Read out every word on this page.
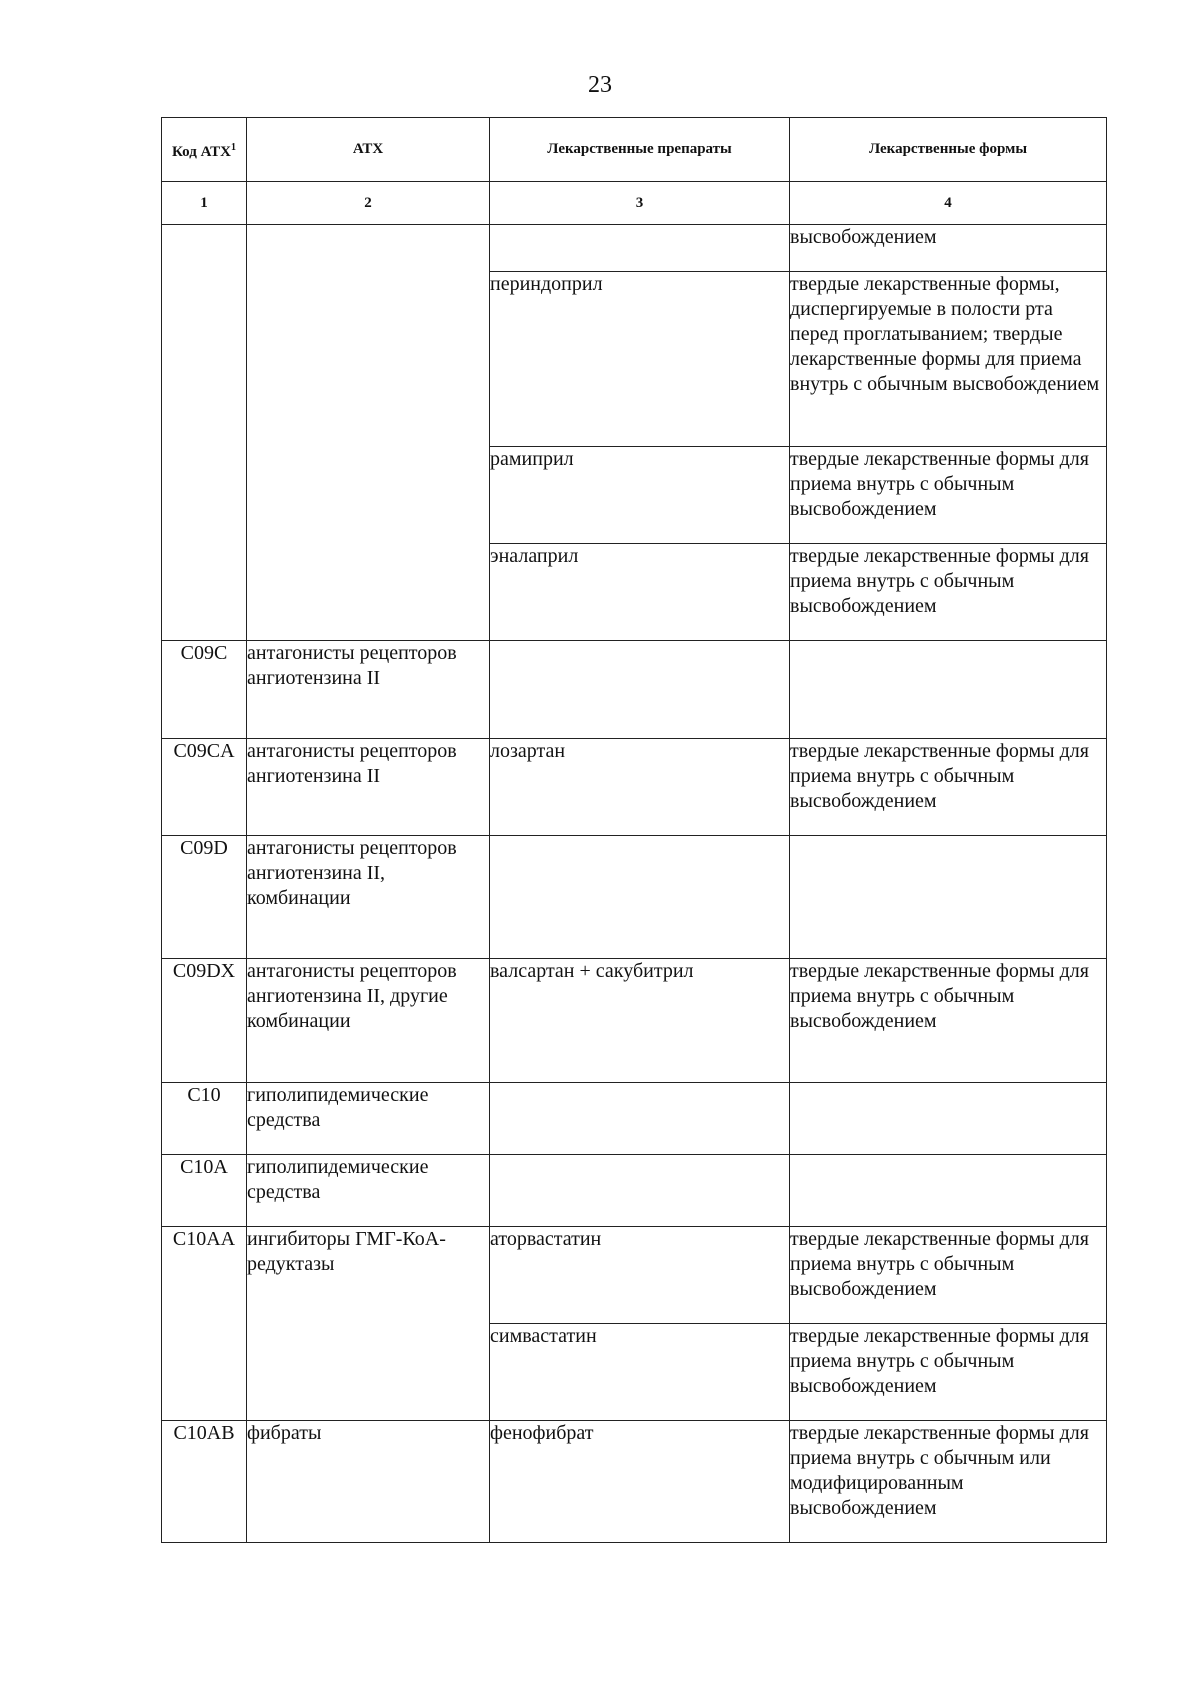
23
Код АТХ$^1$	АТХ	Лекарственные препараты	Лекарственные формы
1	2	3	4
			высвобождением
		периндоприл	твердые лекарственные формы, диспергируемые в полости рта перед проглатыванием; твердые лекарственные формы для приема внутрь с обычным высвобождением
		рамиприл	твердые лекарственные формы для приема внутрь с обычным высвобождением
		эналаприл	твердые лекарственные формы для приема внутрь с обычным высвобождением
C09C	антагонисты рецепторов ангиотензина II		
C09CA	антагонисты рецепторов ангиотензина II	лозартан	твердые лекарственные формы для приема внутрь с обычным высвобождением
C09D	антагонисты рецепторов ангиотензина II, комбинации		
C09DX	антагонисты рецепторов ангиотензина II, другие комбинации	валсартан + сакубитрил	твердые лекарственные формы для приема внутрь с обычным высвобождением
C10	гиполипидемические средства		
C10A	гиполипидемические средства		
C10AA	ингибиторы ГМГ-КоА-редуктазы	аторвастатин	твердые лекарственные формы для приема внутрь с обычным высвобождением
		симвастатин	твердые лекарственные формы для приема внутрь с обычным высвобождением
C10AB	фибраты	фенофибрат	твердые лекарственные формы для приема внутрь с обычным или модифицированным высвобождением
